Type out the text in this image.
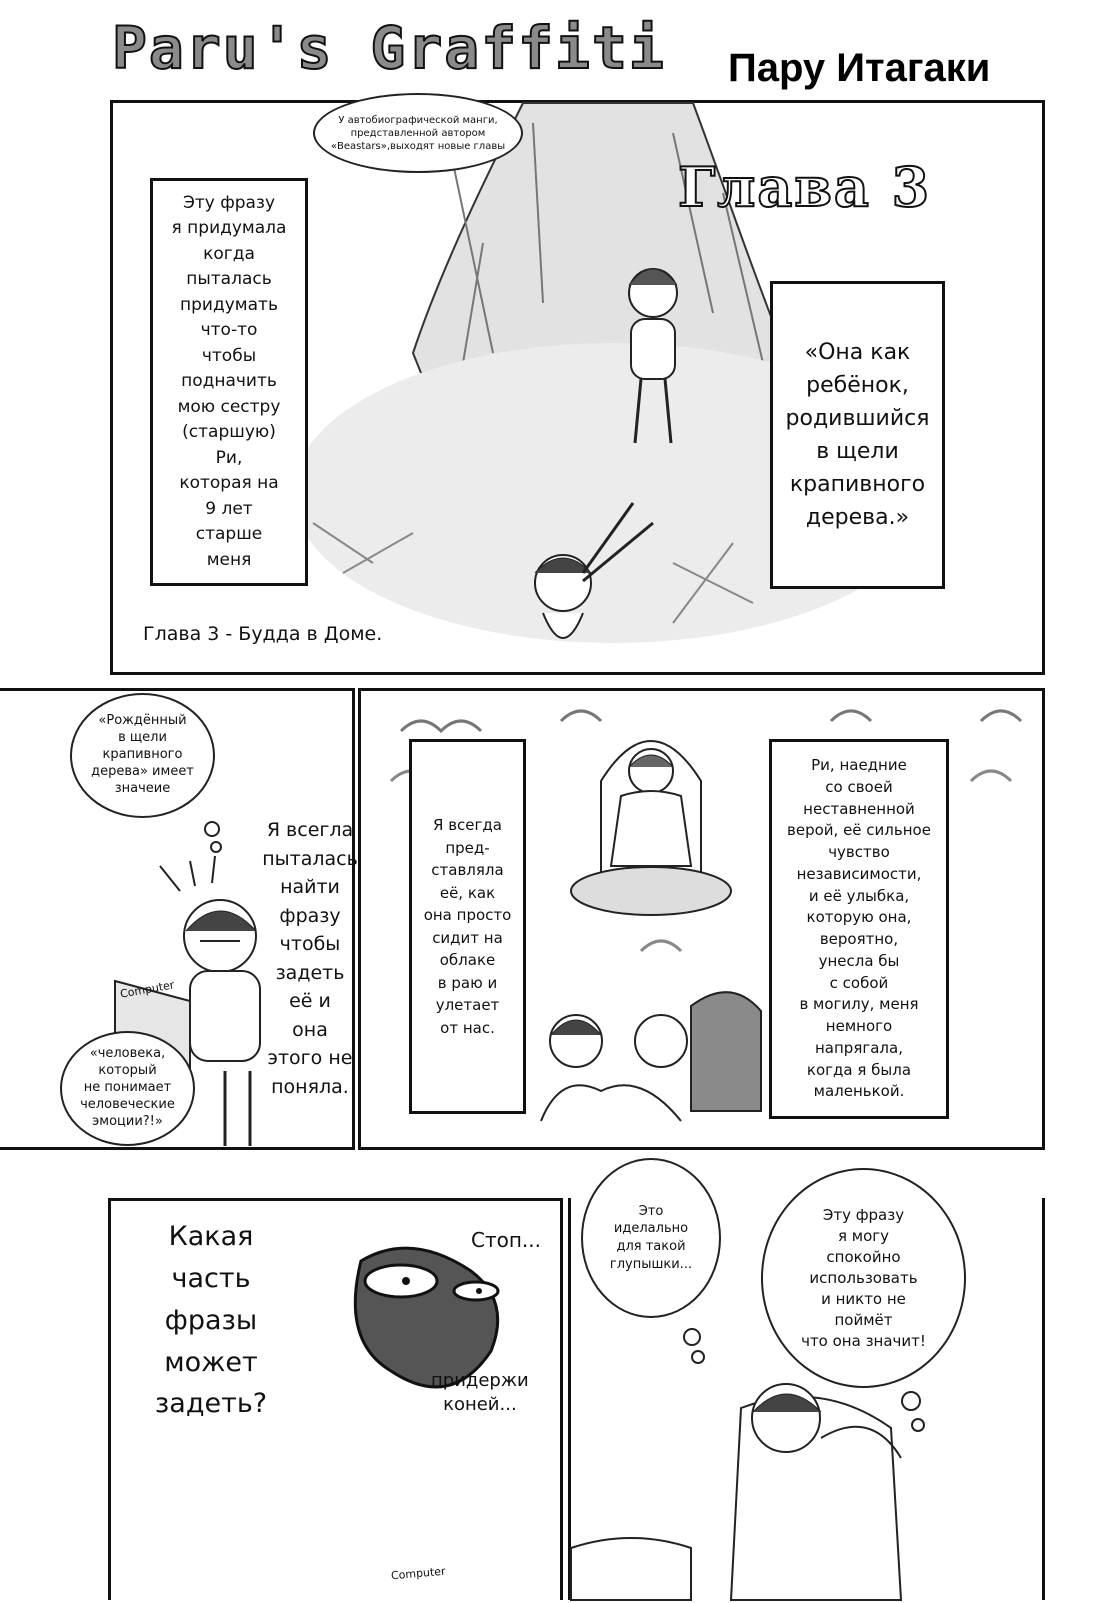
Paru's Graffiti Пару Итагаки
У автобиографической манги,
представленной автором
«Beastars»,выходят новые главы
Глава 3
Эту фразу
я придумала
когда
пыталась
придумать
что-то
чтобы
подначить
мою сестру
(старшую)
Ри,
которая на
9 лет
старше
меня
«Она как
ребёнок,
родившийся
в щели
крапивного
дерева.»
Глава 3 - Будда в Доме.
«Рождённый
в щели
крапивного
дерева» имеет
значеие
Я всегла
пыталась
найти
фразу
чтобы
задеть
её и
она
этого не
поняла.
Computer
«человека,
который
не понимает
человеческие
эмоции?!»
Я всегда
пред-
ставляла
её, как
она просто
сидит на
облаке
в раю и
улетает
от нас.
Ри, наедние
со своей
неставненной
верой, её сильное
чувство
независимости,
и её улыбка,
которую она,
вероятно,
унесла бы
с собой
в могилу, меня
немного
напрягала,
когда я была
маленькой.
Какая
часть
фразы
может
задеть?
Стоп...
придержи
коней...
Это
иделально
для такой
глупышки...
Эту фразу
я могу
спокойно
использовать
и никто не
поймёт
что она значит!
Computer
